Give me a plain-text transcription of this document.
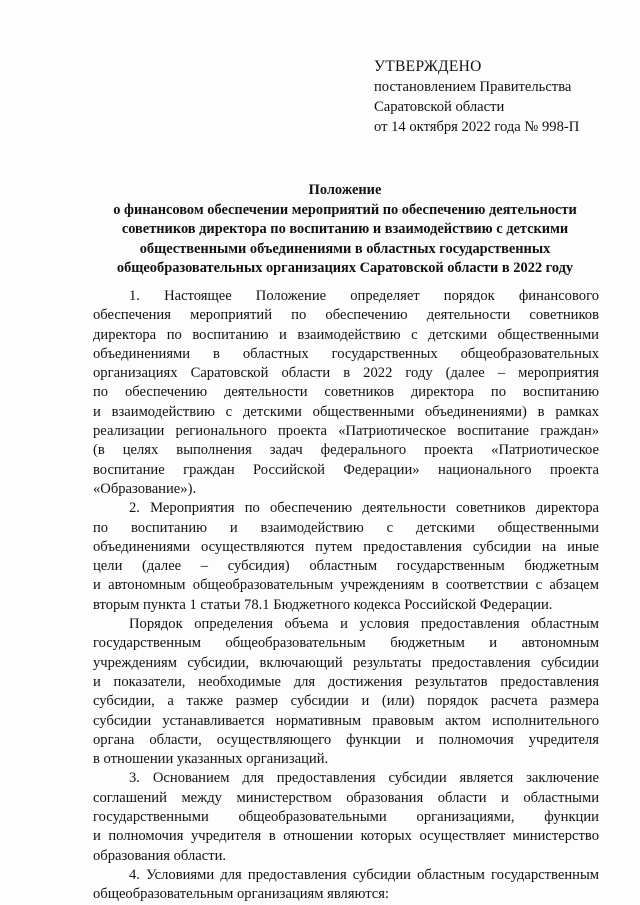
УТВЕРЖДЕНО
постановлением Правительства
Саратовской области
от 14 октября 2022 года № 998-П
Положение
о финансовом обеспечении мероприятий по обеспечению деятельности
советников директора по воспитанию и взаимодействию с детскими
общественными объединениями в областных государственных
общеобразовательных организациях Саратовской области в 2022 году
1. Настоящее Положение определяет порядок финансового
обеспечения мероприятий по обеспечению деятельности советников
директора по воспитанию и взаимодействию с детскими общественными
объединениями в областных государственных общеобразовательных
организациях Саратовской области в 2022 году (далее – мероприятия
по обеспечению деятельности советников директора по воспитанию
и взаимодействию с детскими общественными объединениями) в рамках
реализации регионального проекта «Патриотическое воспитание граждан»
(в целях выполнения задач федерального проекта «Патриотическое
воспитание граждан Российской Федерации» национального проекта
«Образование»).
2. Мероприятия по обеспечению деятельности советников директора
по воспитанию и взаимодействию с детскими общественными
объединениями осуществляются путем предоставления субсидии на иные
цели (далее – субсидия) областным государственным бюджетным
и автономным общеобразовательным учреждениям в соответствии с абзацем
вторым пункта 1 статьи 78.1 Бюджетного кодекса Российской Федерации.
Порядок определения объема и условия предоставления областным
государственным общеобразовательным бюджетным и автономным
учреждениям субсидии, включающий результаты предоставления субсидии
и показатели, необходимые для достижения результатов предоставления
субсидии, а также размер субсидии и (или) порядок расчета размера
субсидии устанавливается нормативным правовым актом исполнительного
органа области, осуществляющего функции и полномочия учредителя
в отношении указанных организаций.
3. Основанием для предоставления субсидии является заключение
соглашений между министерством образования области и областными
государственными общеобразовательными организациями, функции
и полномочия учредителя в отношении которых осуществляет министерство
образования области.
4. Условиями для предоставления субсидии областным государственным
общеобразовательным организациям являются:
